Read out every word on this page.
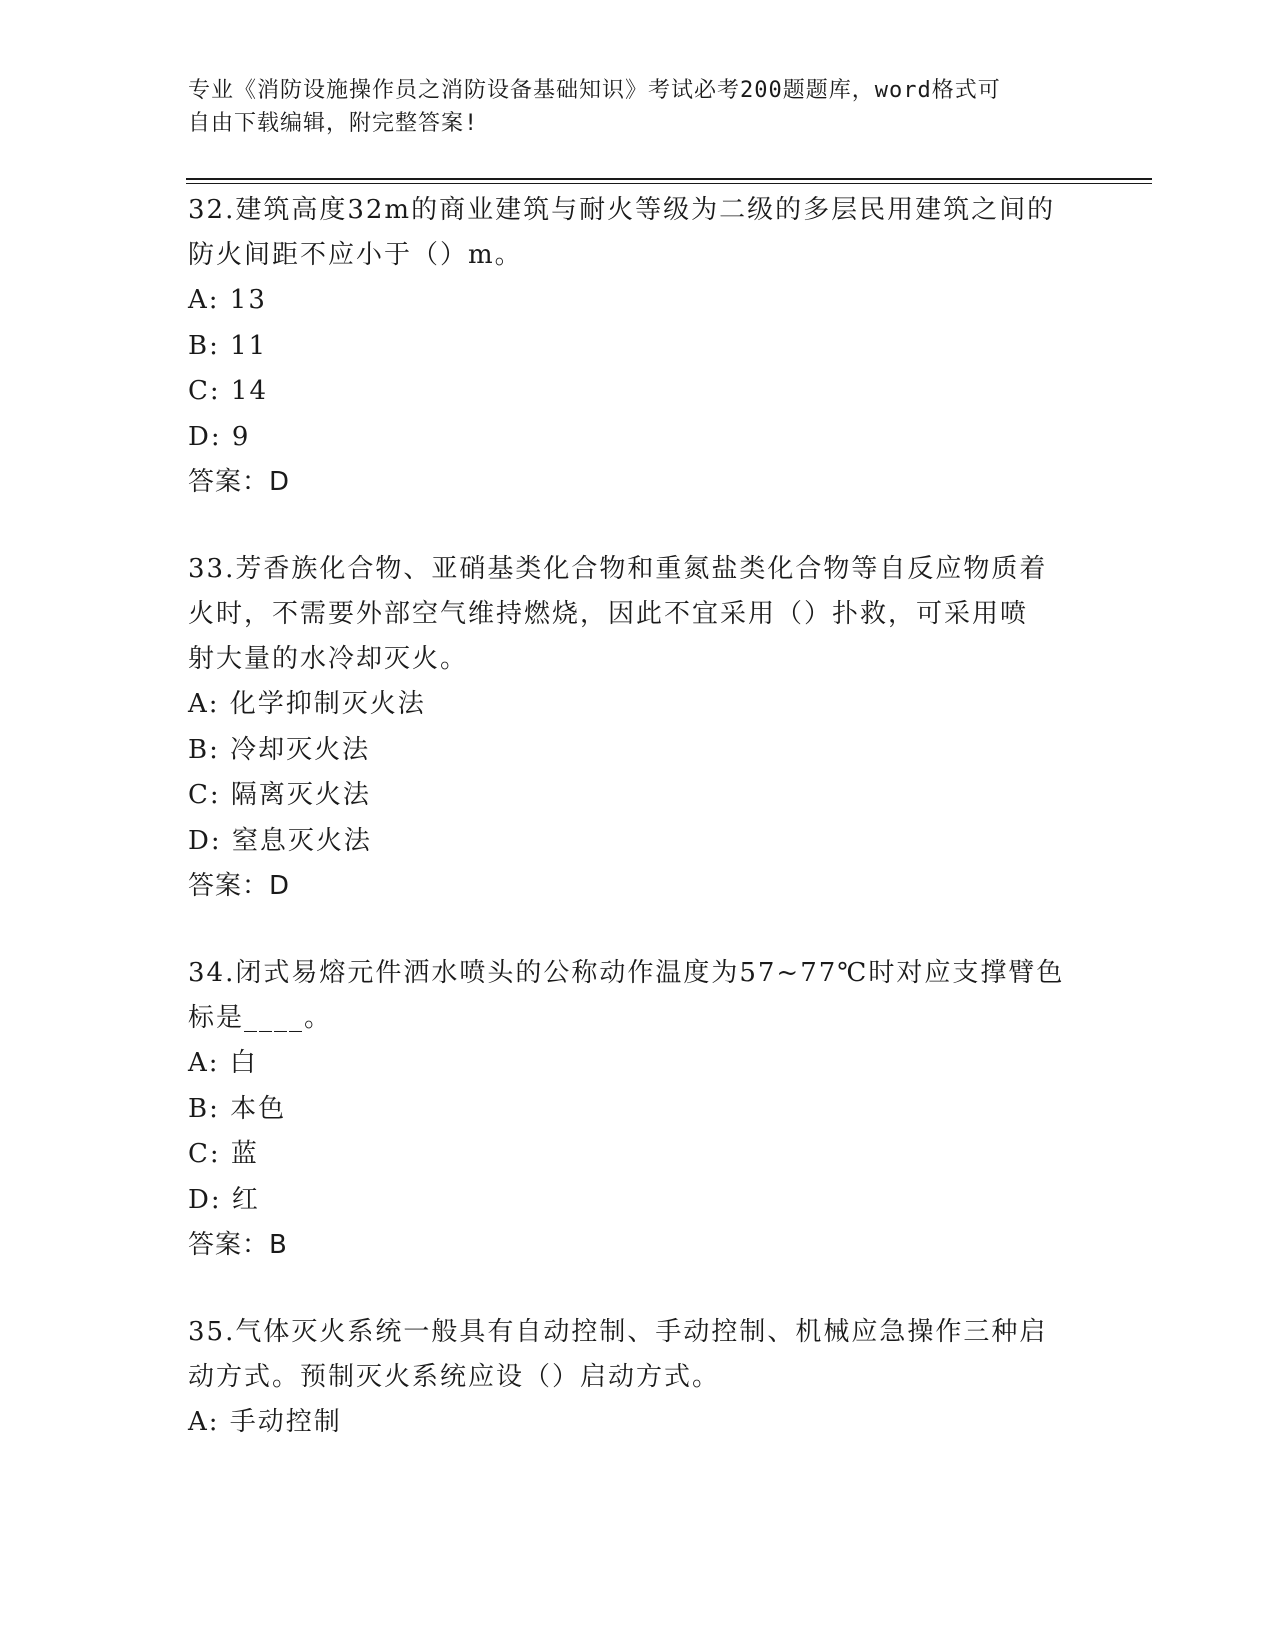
专业《消防设施操作员之消防设备基础知识》考试必考200题题库，word格式可
自由下载编辑，附完整答案!
32.建筑高度32m的商业建筑与耐火等级为二级的多层民用建筑之间的
防火间距不应小于（）m。
A: 13
B: 11
C: 14
D: 9
答案：D
33.芳香族化合物、亚硝基类化合物和重氮盐类化合物等自反应物质着
火时，不需要外部空气维持燃烧，因此不宜采用（）扑救，可采用喷
射大量的水冷却灭火。
A: 化学抑制灭火法
B: 冷却灭火法
C: 隔离灭火法
D: 窒息灭火法
答案：D
34.闭式易熔元件洒水喷头的公称动作温度为57~77℃时对应支撑臂色
标是____。
A: 白
B: 本色
C: 蓝
D: 红
答案：B
35.气体灭火系统一般具有自动控制、手动控制、机械应急操作三种启
动方式。预制灭火系统应设（）启动方式。
A: 手动控制
